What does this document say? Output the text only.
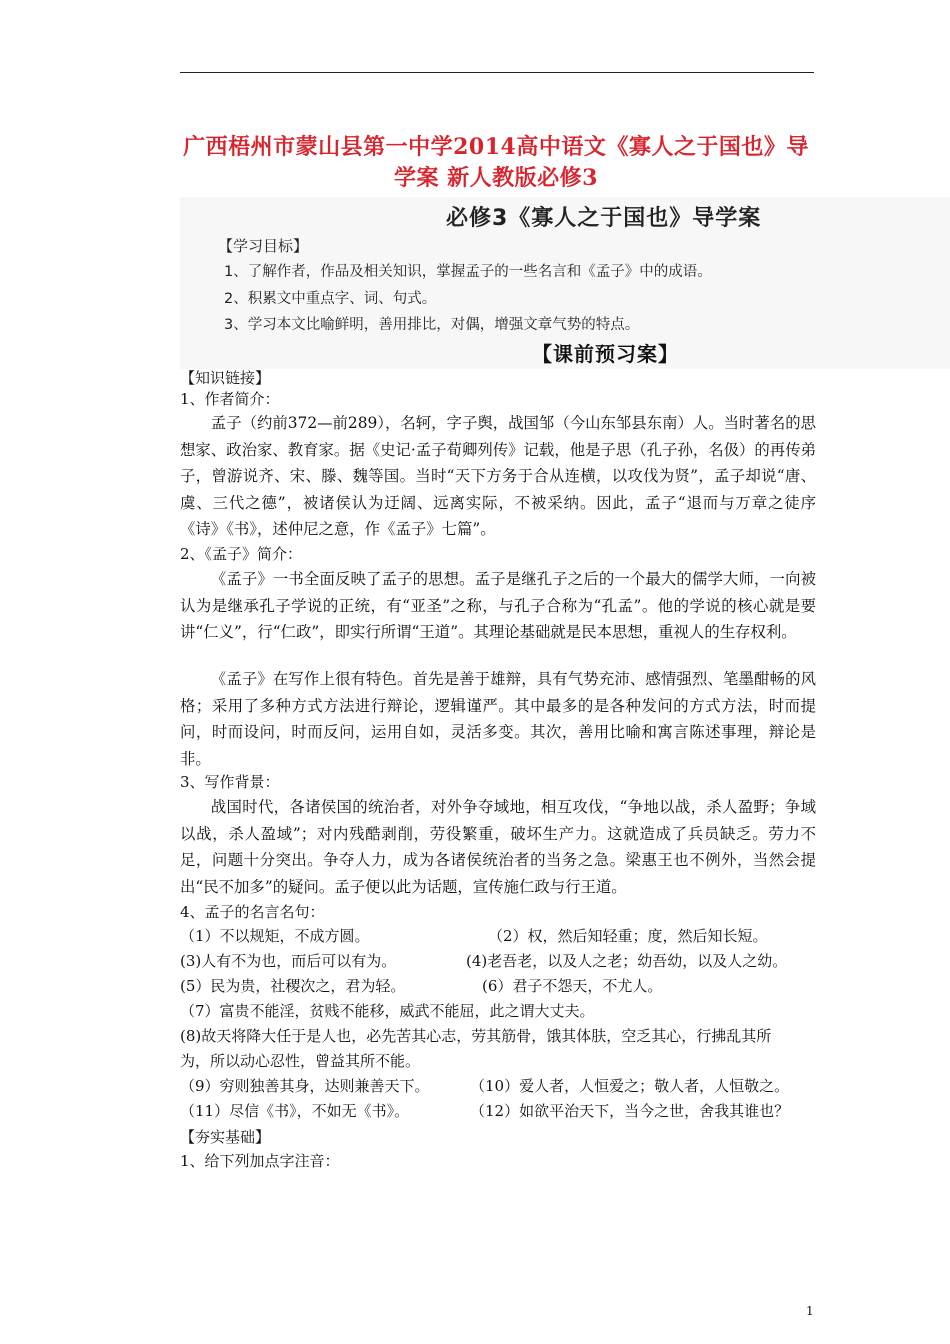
广西梧州市蒙山县第一中学2014高中语文《寡人之于国也》导学案 新人教版必修3
必修3《寡人之于国也》导学案
【学习目标】
1、了解作者，作品及相关知识，掌握孟子的一些名言和《孟子》中的成语。
2、积累文中重点字、词、句式。
3、学习本文比喻鲜明，善用排比，对偶，增强文章气势的特点。
【课前预习案】
【知识链接】
1、作者简介：
孟子（约前372—前289），名轲，字子舆，战国邹（今山东邹县东南）人。当时著名的思想家、政治家、教育家。据《史记·孟子荀卿列传》记载，他是子思（孔子孙，名伋）的再传弟子，曾游说齐、宋、滕、魏等国。当时“天下方务于合从连横，以攻伐为贤”，孟子却说“唐、虞、三代之德”，被诸侯认为迂阔、远离实际，不被采纳。因此，孟子“退而与万章之徒序《诗》《书》，述仲尼之意，作《孟子》七篇”。
2、《孟子》简介：
《孟子》一书全面反映了孟子的思想。孟子是继孔子之后的一个最大的儒学大师，一向被认为是继承孔子学说的正统，有“亚圣”之称，与孔子合称为“孔孟”。他的学说的核心就是要讲“仁义”，行“仁政”，即实行所谓“王道”。其理论基础就是民本思想，重视人的生存权利。
《孟子》在写作上很有特色。首先是善于雄辩，具有气势充沛、感情强烈、笔墨酣畅的风格；采用了多种方式方法进行辩论，逻辑谨严。其中最多的是各种发问的方式方法，时而提问，时而设问，时而反问，运用自如，灵活多变。其次，善用比喻和寓言陈述事理，辩论是非。
3、写作背景：
战国时代，各诸侯国的统治者，对外争夺域地，相互攻伐，“争地以战，杀人盈野；争域以战，杀人盈域”；对内残酷剥削，劳役繁重，破坏生产力。这就造成了兵员缺乏。劳力不足，问题十分突出。争夺人力，成为各诸侯统治者的当务之急。梁惠王也不例外，当然会提出“民不加多”的疑问。孟子便以此为话题，宣传施仁政与行王道。
4、孟子的名言名句：
（1）不以规矩，不成方圆。	（2）权，然后知轻重；度，然后知长短。
(3)人有不为也，而后可以有为。	(4)老吾老，以及人之老；幼吾幼，以及人之幼。
(5）民为贵，社稷次之，君为轻。	(6）君子不怨天，不尤人。
（7）富贵不能淫，贫贱不能移，威武不能屈，此之谓大丈夫。
(8)故天将降大任于是人也，必先苦其心志，劳其筋骨，饿其体肤，空乏其心，行拂乱其所
为，所以动心忍性，曾益其所不能。
（9）穷则独善其身，达则兼善天下。	（10）爱人者，人恒爱之；敬人者，人恒敬之。
（11）尽信《书》，不如无《书》。	（12）如欲平治天下，当今之世，舍我其谁也？
【夯实基础】
1、给下列加点字注音：
1
